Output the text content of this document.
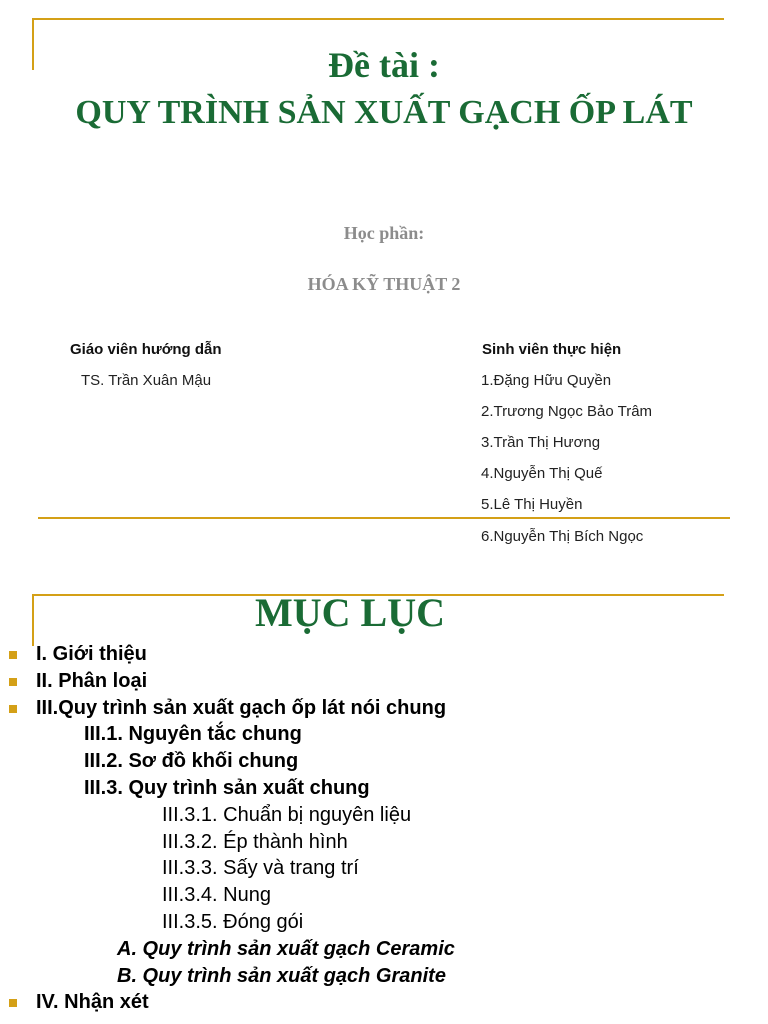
Đề tài :
QUY TRÌNH SẢN XUẤT GẠCH ỐP LÁT
Học phần:
HÓA KỸ THUẬT 2
Giáo viên hướng dẫn
TS. Trần Xuân Mậu
Sinh viên thực hiện
1.Đặng Hữu Quyền
2.Trương Ngọc Bảo Trâm
3.Trần Thị Hương
4.Nguyễn Thị Quế
5.Lê Thị Huyền
6.Nguyễn Thị Bích Ngọc
MỤC LỤC
I. Giới thiệu
II. Phân loại
III.Quy trình sản xuất gạch ốp lát nói chung
III.1. Nguyên tắc chung
III.2. Sơ đồ khối chung
III.3. Quy trình sản xuất chung
III.3.1. Chuẩn bị nguyên liệu
III.3.2. Ép thành hình
III.3.3. Sấy và trang trí
III.3.4. Nung
III.3.5. Đóng gói
A. Quy trình sản xuất gạch Ceramic
B. Quy trình sản xuất gạch Granite
IV. Nhận xét
